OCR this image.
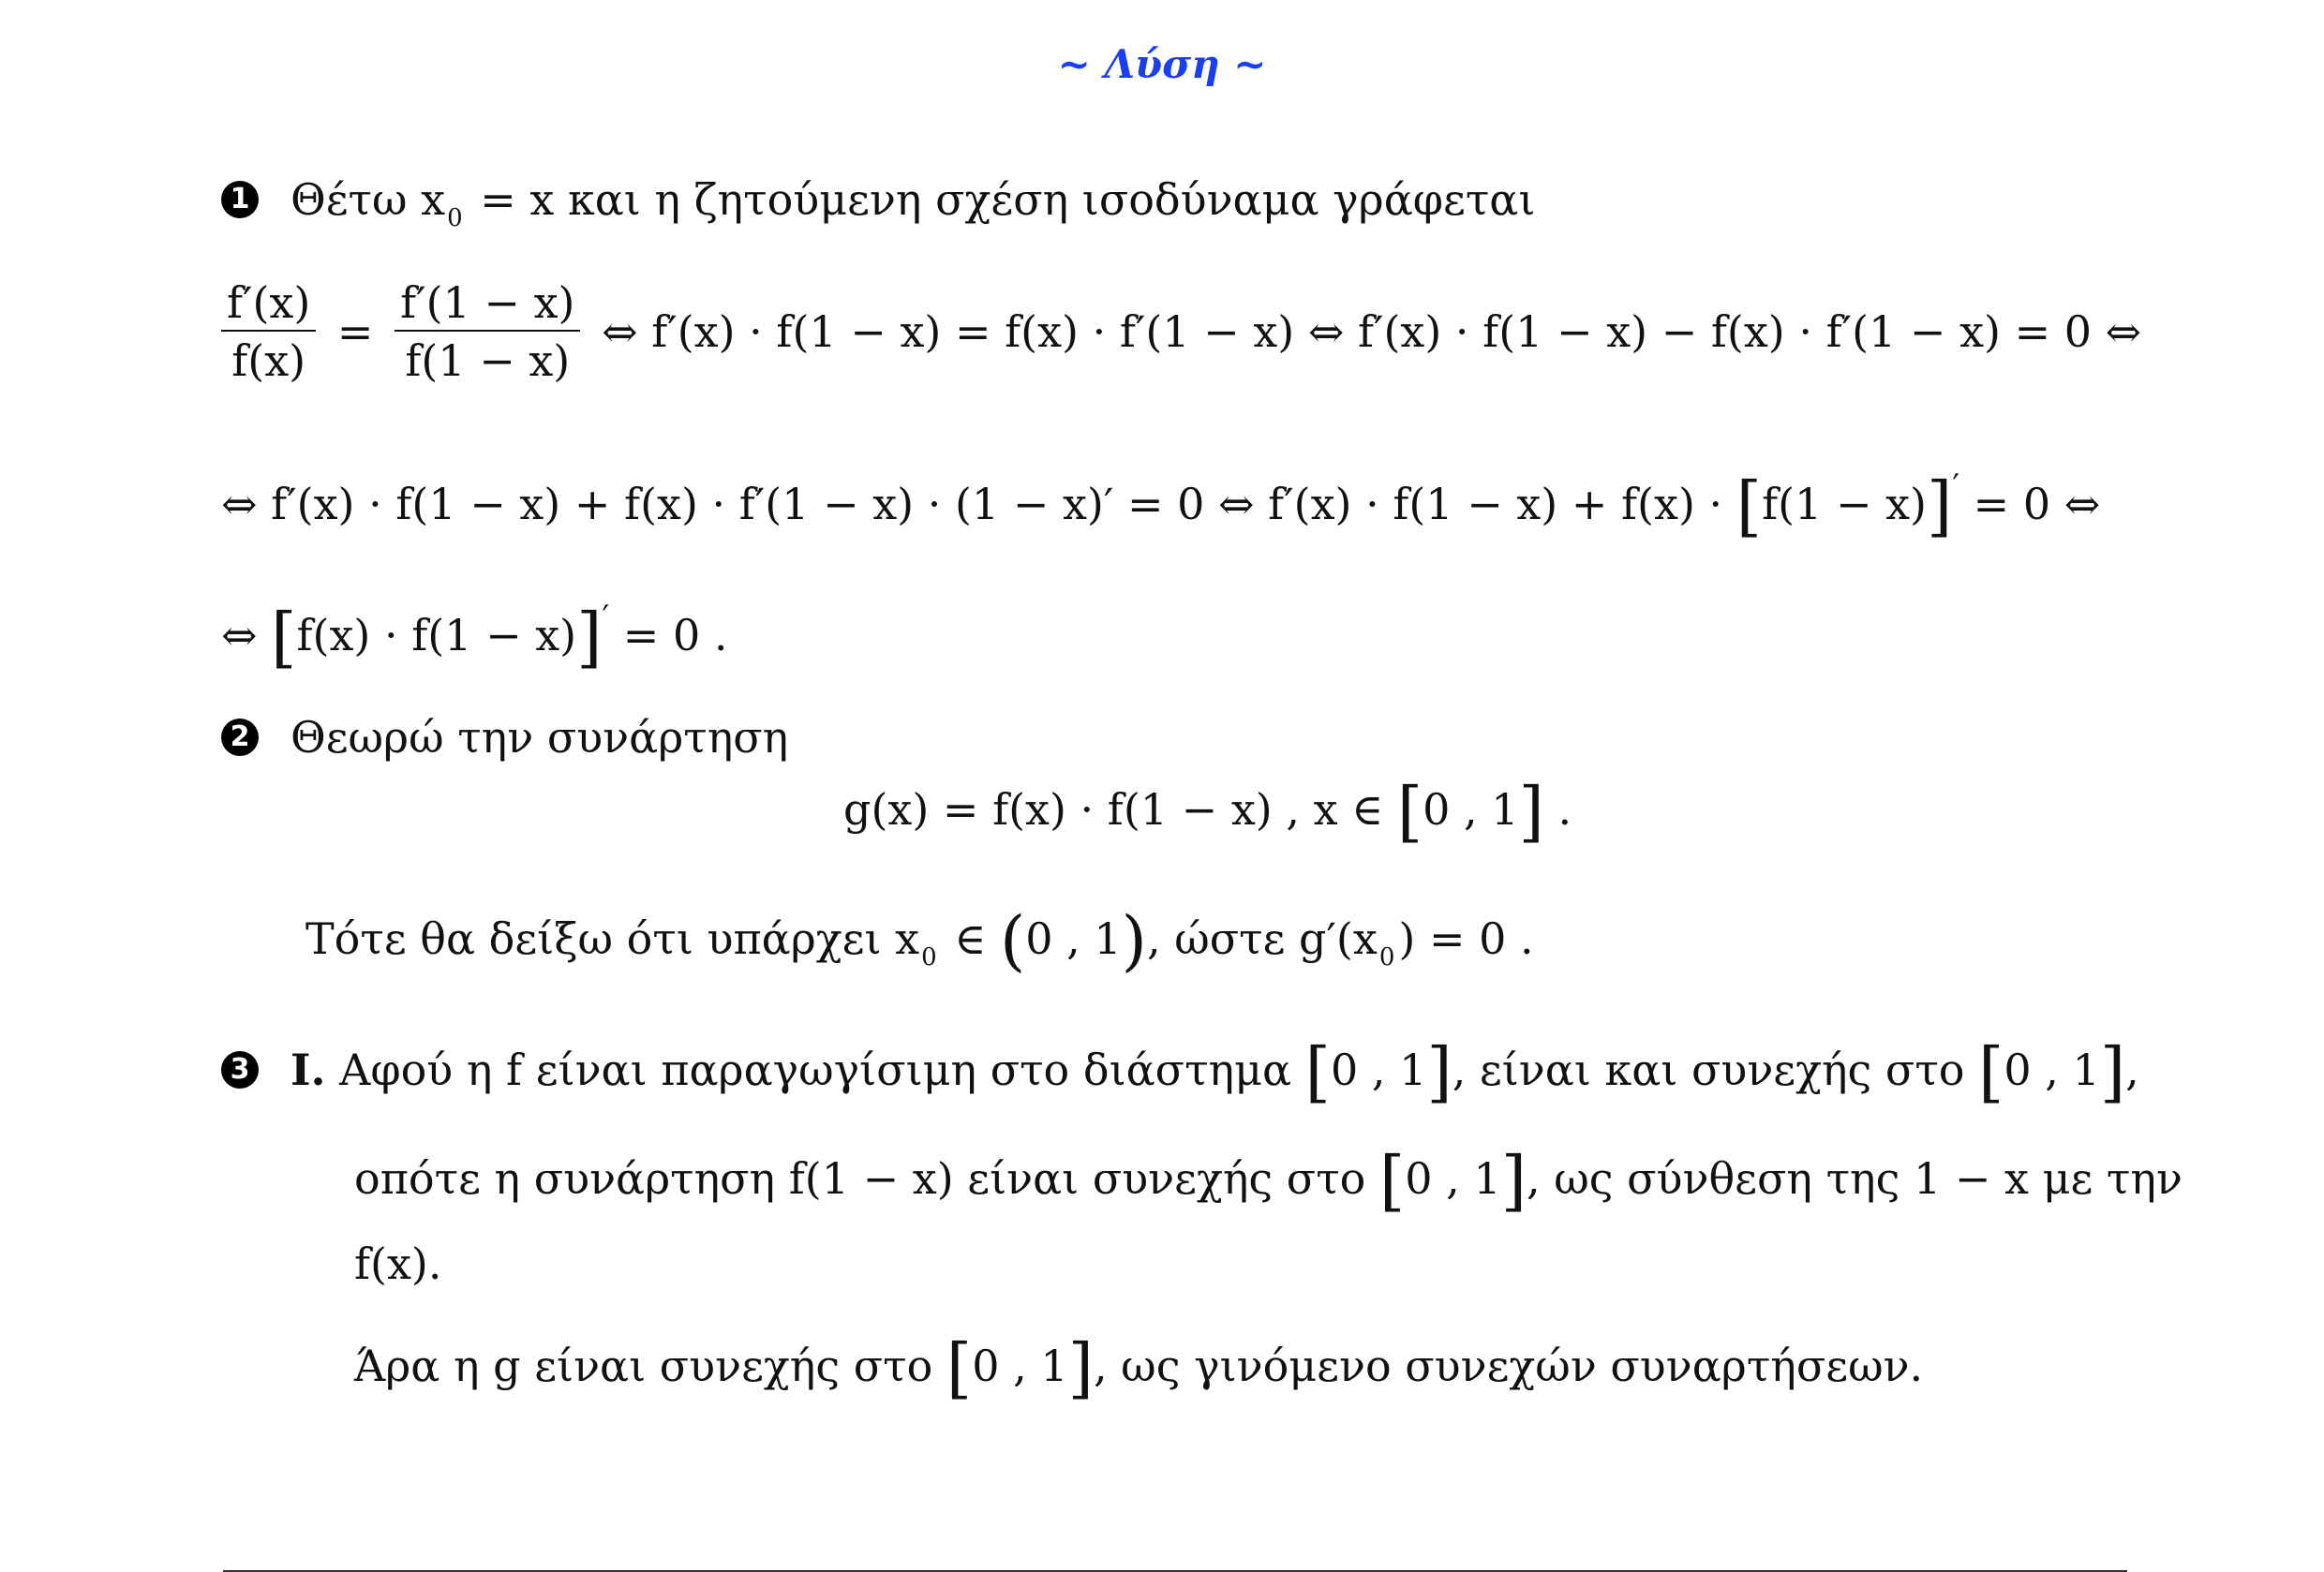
~ Λύση ~
1 Θέτω $x_0 = x$ και η ζητούμενη σχέση ισοδύναμα γράφεται
$\frac{f'(x)}{f(x)} = \frac{f'(1 - x)}{f(1 - x)}$ ⇔ f′(x) · f(1 − x) = f(x) · f′(1 − x) ⇔ f′(x) · f(1 − x) − f(x) · f′(1 − x) = 0 ⇔
⇔ f′(x) · f(1 − x) + f(x) · f′(1 − x) · (1 − x)′ = 0 ⇔ f′(x) · f(1 − x) + f(x) · [f(1 − x)]′ = 0 ⇔
⇔ [f(x) · f(1 − x)]′ = 0 .
2 Θεωρώ την συνάρτηση
g(x) = f(x) · f(1 − x) , x ∈ [0 , 1] .
Τότε θα δείξω ότι υπάρχει $x_0$ ∈ (0 , 1), ώστε $g'(x_0) = 0$ .
3 I. Αφού η f είναι παραγωγίσιμη στο διάστημα [0 , 1], είναι και συνεχής στο [0 , 1],
οπότε η συνάρτηση f(1 − x) είναι συνεχής στο [0 , 1], ως σύνθεση της 1 − x με την
f(x).
Άρα η g είναι συνεχής στο [0 , 1], ως γινόμενο συνεχών συναρτήσεων.
